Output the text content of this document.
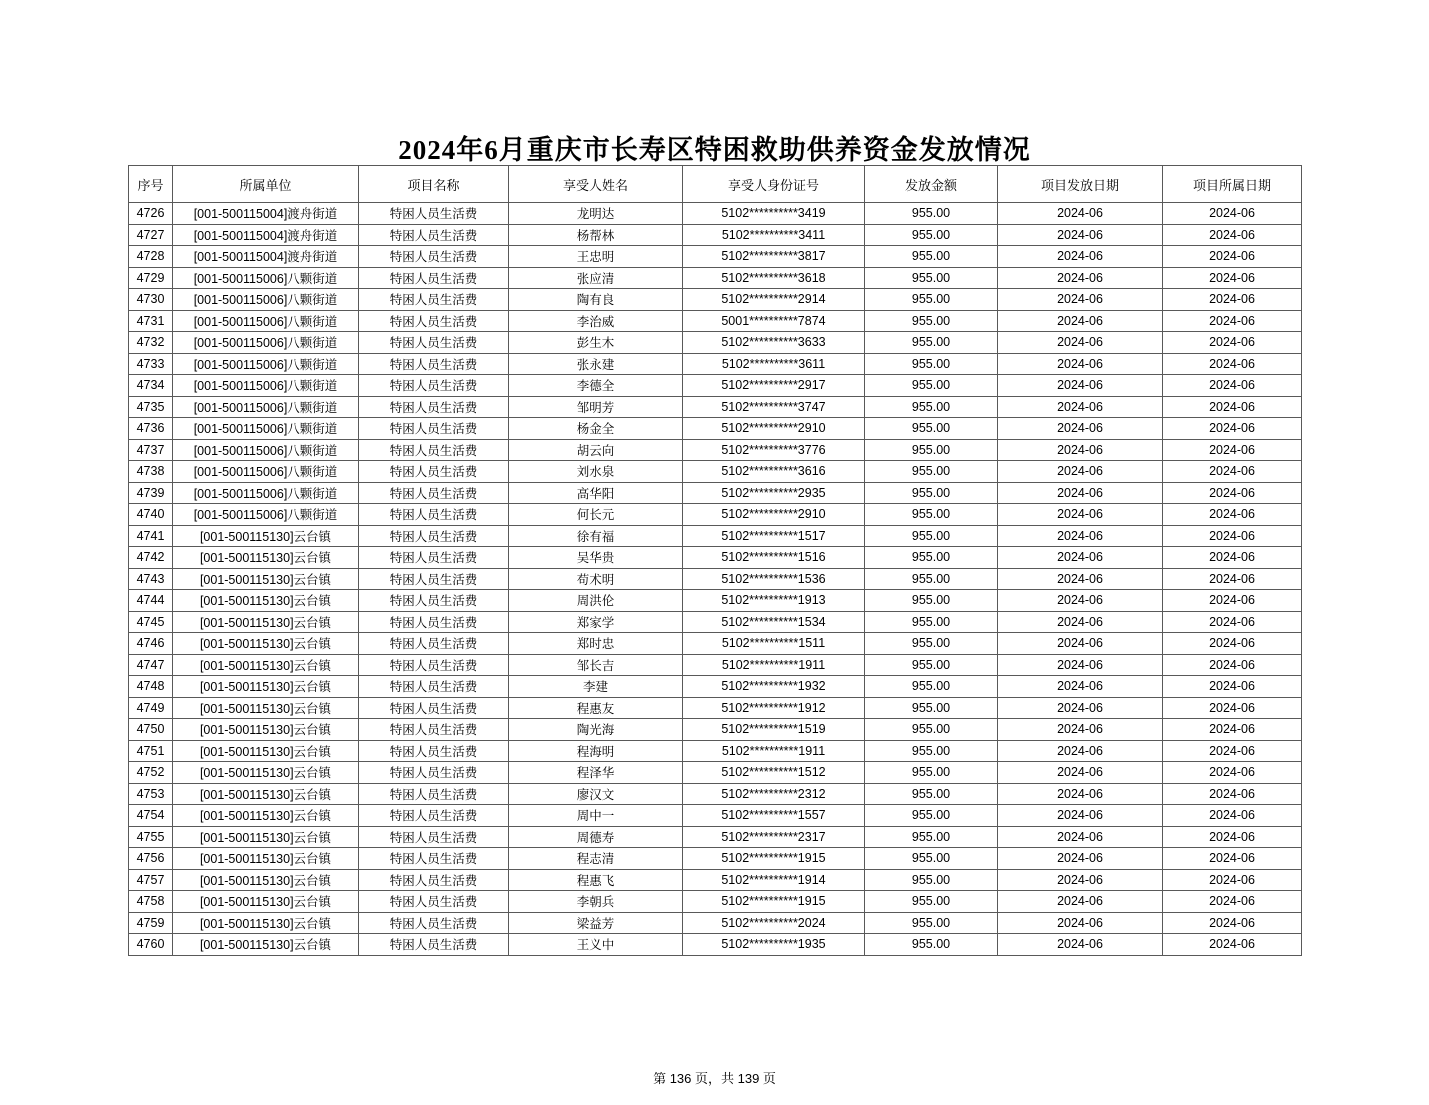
2024年6月重庆市长寿区特困救助供养资金发放情况
序号	所属单位	项目名称	享受人姓名	享受人身份证号	发放金额	项目发放日期	项目所属日期
4726	[001-500115004]渡舟街道	特困人员生活费	龙明达	5102**********3419	955.00	2024-06	2024-06
4727	[001-500115004]渡舟街道	特困人员生活费	杨帮林	5102**********3411	955.00	2024-06	2024-06
4728	[001-500115004]渡舟街道	特困人员生活费	王忠明	5102**********3817	955.00	2024-06	2024-06
4729	[001-500115006]八颗街道	特困人员生活费	张应清	5102**********3618	955.00	2024-06	2024-06
4730	[001-500115006]八颗街道	特困人员生活费	陶有良	5102**********2914	955.00	2024-06	2024-06
4731	[001-500115006]八颗街道	特困人员生活费	李治威	5001**********7874	955.00	2024-06	2024-06
4732	[001-500115006]八颗街道	特困人员生活费	彭生木	5102**********3633	955.00	2024-06	2024-06
4733	[001-500115006]八颗街道	特困人员生活费	张永建	5102**********3611	955.00	2024-06	2024-06
4734	[001-500115006]八颗街道	特困人员生活费	李德全	5102**********2917	955.00	2024-06	2024-06
4735	[001-500115006]八颗街道	特困人员生活费	邹明芳	5102**********3747	955.00	2024-06	2024-06
4736	[001-500115006]八颗街道	特困人员生活费	杨金全	5102**********2910	955.00	2024-06	2024-06
4737	[001-500115006]八颗街道	特困人员生活费	胡云向	5102**********3776	955.00	2024-06	2024-06
4738	[001-500115006]八颗街道	特困人员生活费	刘水泉	5102**********3616	955.00	2024-06	2024-06
4739	[001-500115006]八颗街道	特困人员生活费	高华阳	5102**********2935	955.00	2024-06	2024-06
4740	[001-500115006]八颗街道	特困人员生活费	何长元	5102**********2910	955.00	2024-06	2024-06
4741	[001-500115130]云台镇	特困人员生活费	徐有福	5102**********1517	955.00	2024-06	2024-06
4742	[001-500115130]云台镇	特困人员生活费	吴华贵	5102**********1516	955.00	2024-06	2024-06
4743	[001-500115130]云台镇	特困人员生活费	苟术明	5102**********1536	955.00	2024-06	2024-06
4744	[001-500115130]云台镇	特困人员生活费	周洪伦	5102**********1913	955.00	2024-06	2024-06
4745	[001-500115130]云台镇	特困人员生活费	郑家学	5102**********1534	955.00	2024-06	2024-06
4746	[001-500115130]云台镇	特困人员生活费	郑时忠	5102**********1511	955.00	2024-06	2024-06
4747	[001-500115130]云台镇	特困人员生活费	邹长吉	5102**********1911	955.00	2024-06	2024-06
4748	[001-500115130]云台镇	特困人员生活费	李建	5102**********1932	955.00	2024-06	2024-06
4749	[001-500115130]云台镇	特困人员生活费	程惠友	5102**********1912	955.00	2024-06	2024-06
4750	[001-500115130]云台镇	特困人员生活费	陶光海	5102**********1519	955.00	2024-06	2024-06
4751	[001-500115130]云台镇	特困人员生活费	程海明	5102**********1911	955.00	2024-06	2024-06
4752	[001-500115130]云台镇	特困人员生活费	程泽华	5102**********1512	955.00	2024-06	2024-06
4753	[001-500115130]云台镇	特困人员生活费	廖汉文	5102**********2312	955.00	2024-06	2024-06
4754	[001-500115130]云台镇	特困人员生活费	周中一	5102**********1557	955.00	2024-06	2024-06
4755	[001-500115130]云台镇	特困人员生活费	周德寿	5102**********2317	955.00	2024-06	2024-06
4756	[001-500115130]云台镇	特困人员生活费	程志清	5102**********1915	955.00	2024-06	2024-06
4757	[001-500115130]云台镇	特困人员生活费	程惠飞	5102**********1914	955.00	2024-06	2024-06
4758	[001-500115130]云台镇	特困人员生活费	李朝兵	5102**********1915	955.00	2024-06	2024-06
4759	[001-500115130]云台镇	特困人员生活费	梁益芳	5102**********2024	955.00	2024-06	2024-06
4760	[001-500115130]云台镇	特困人员生活费	王义中	5102**********1935	955.00	2024-06	2024-06
第 136 页，共 139 页
